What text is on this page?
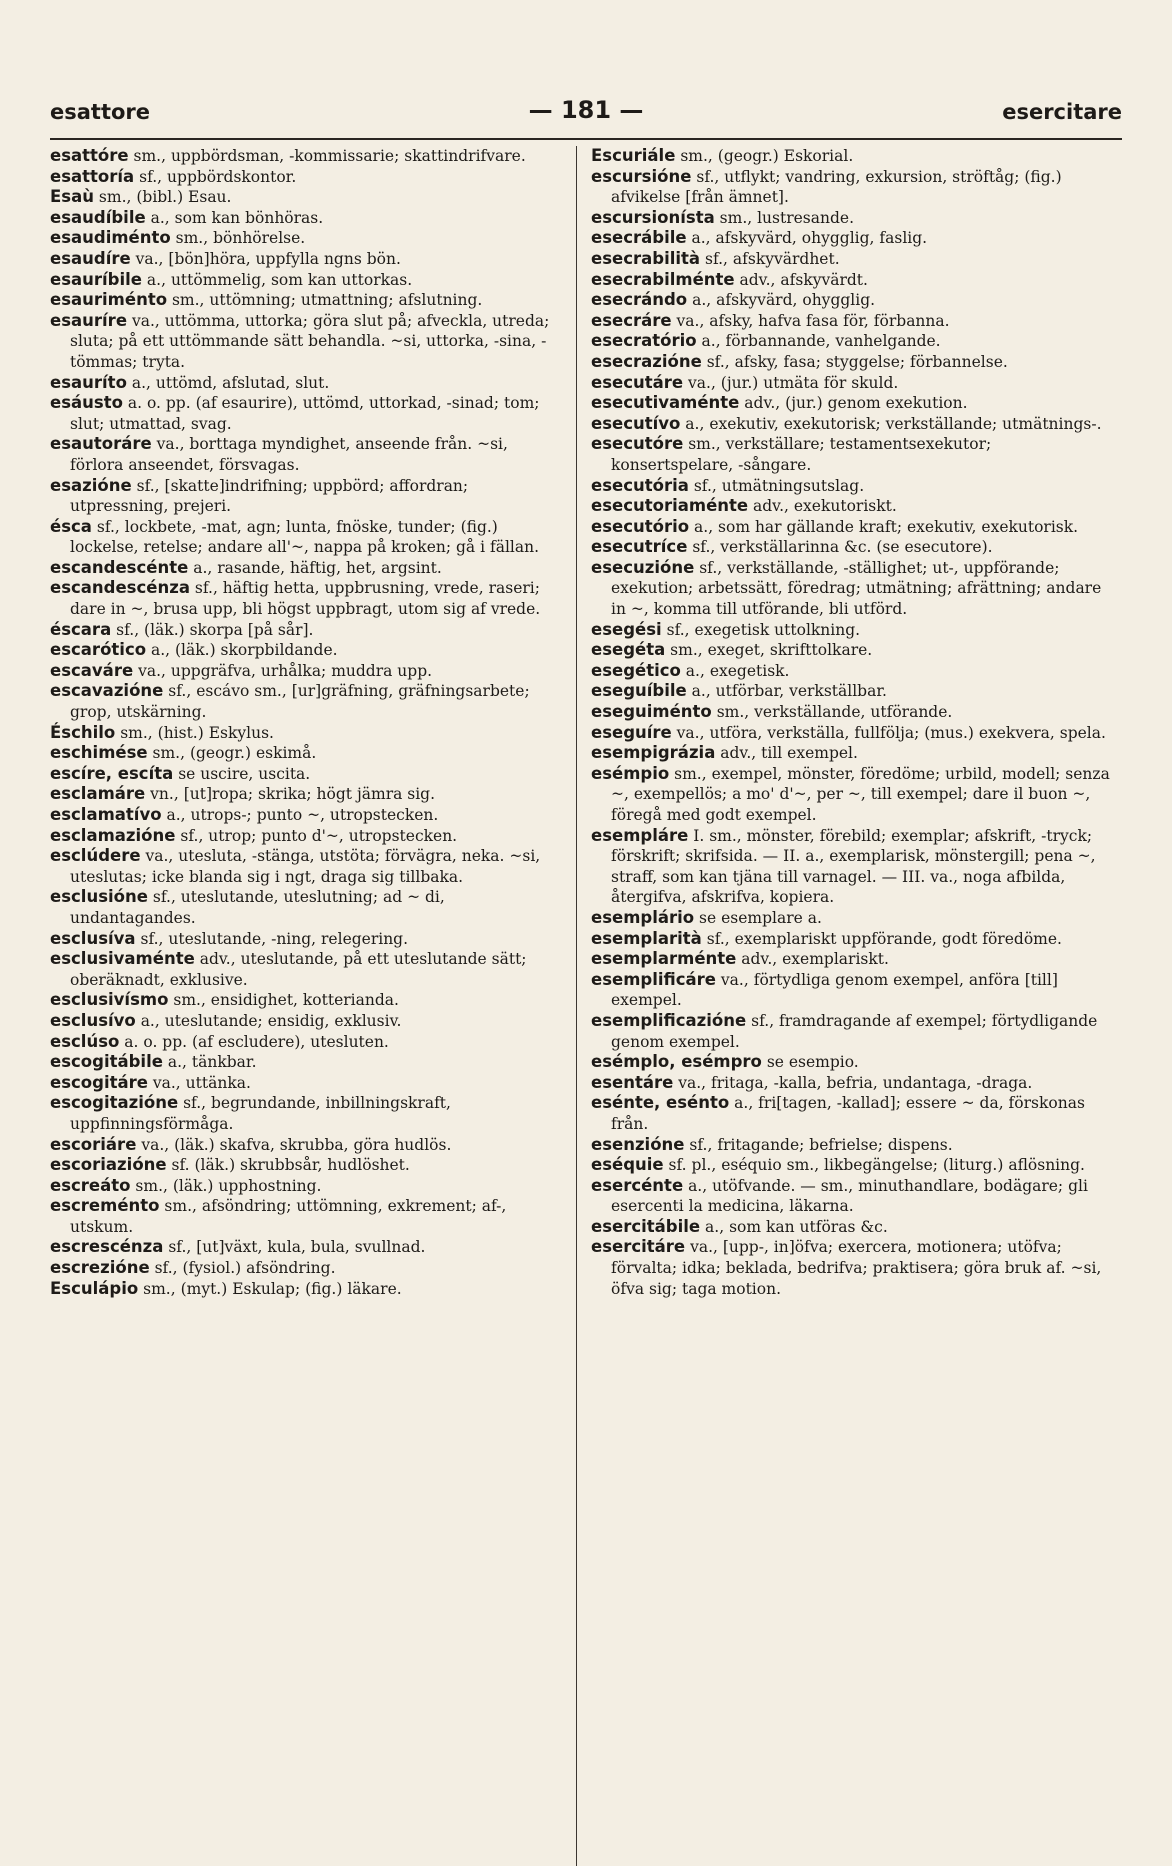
esattore	— 181 —	esercitare

esattóre sm., uppbördsman, -kommissarie; skattindrifvare.

esattoría sf., uppbördskontor.

Esaù sm., (bibl.) Esau.

esaudíbile a., som kan bönhöras.

esaudiménto sm., bönhörelse.

esaudíre va., [bön]höra, uppfylla ngns bön.

esauríbile a., uttömmelig, som kan uttorkas.

esauriménto sm., uttömning; utmattning; afslutning.

esauríre va., uttömma, uttorka; göra slut på; afveckla, utreda; sluta; på ett uttömmande sätt behandla. ~si, uttorka, -sina, -tömmas; tryta.

esauríto a., uttömd, afslutad, slut.

esáusto a. o. pp. (af esaurire), uttömd, uttorkad, -sinad; tom; slut; utmattad, svag.

esautoráre va., borttaga myndighet, anseende från. ~si, förlora anseendet, försvagas.

esazióne sf., [skatte]indrifning; uppbörd; affordran; utpressning, prejeri.

ésca sf., lockbete, -mat, agn; lunta, fnöske, tunder; (fig.) lockelse, retelse; andare all'~, nappa på kroken; gå i fällan.

escandescénte a., rasande, häftig, het, argsint.

escandescénza sf., häftig hetta, uppbrusning, vrede, raseri; dare in ~, brusa upp, bli högst uppbragt, utom sig af vrede.

éscara sf., (läk.) skorpa [på sår].

escarótico a., (läk.) skorpbildande.

escaváre va., uppgräfva, urhålka; muddra upp.

escavazióne sf., escávo sm., [ur]gräfning, gräfningsarbete; grop, utskärning.

Éschilo sm., (hist.) Eskylus.

eschimése sm., (geogr.) eskimå.

escíre, escíta se uscire, uscita.

esclamáre vn., [ut]ropa; skrika; högt jämra sig.

esclamatívo a., utrops-; punto ~, utropstecken.

esclamazióne sf., utrop; punto d'~, utropstecken.

esclúdere va., utesluta, -stänga, utstöta; förvägra, neka. ~si, uteslutas; icke blanda sig i ngt, draga sig tillbaka.

esclusióne sf., uteslutande, uteslutning; ad ~ di, undantagandes.

esclusíva sf., uteslutande, -ning, relegering.

esclusivaménte adv., uteslutande, på ett uteslutande sätt; oberäknadt, exklusive.

esclusivísmo sm., ensidighet, kotterianda.

esclusívo a., uteslutande; ensidig, exklusiv.

esclúso a. o. pp. (af escludere), utesluten.

escogitábile a., tänkbar.

escogitáre va., uttänka.

escogitazióne sf., begrundande, inbillningskraft, uppfinningsförmåga.

escoriáre va., (läk.) skafva, skrubba, göra hudlös.

escoriazióne sf. (läk.) skrubbsår, hudlöshet.

escreáto sm., (läk.) upphostning.

escreménto sm., afsöndring; uttömning, exkrement; af-, utskum.

escrescénza sf., [ut]växt, kula, bula, svullnad.

escrezióne sf., (fysiol.) afsöndring.

Esculápio sm., (myt.) Eskulap; (fig.) läkare.

Escuriále sm., (geogr.) Eskorial.

escursióne sf., utflykt; vandring, exkursion, ströftåg; (fig.) afvikelse [från ämnet].

escursionísta sm., lustresande.

esecrábile a., afskyvärd, ohygglig, faslig.

esecrabilità sf., afskyvärdhet.

esecrabilménte adv., afskyvärdt.

esecrándo a., afskyvärd, ohygglig.

esecráre va., afsky, hafva fasa för, förbanna.

esecratório a., förbannande, vanhelgande.

esecrazióne sf., afsky, fasa; styggelse; förbannelse.

esecutáre va., (jur.) utmäta för skuld.

esecutivaménte adv., (jur.) genom exekution.

esecutívo a., exekutiv, exekutorisk; verkställande; utmätnings-.

esecutóre sm., verkställare; testamentsexekutor; konsertspelare, -sångare.

esecutória sf., utmätningsutslag.

esecutoriaménte adv., exekutoriskt.

esecutório a., som har gällande kraft; exekutiv, exekutorisk.

esecutríce sf., verkställarinna &c. (se esecutore).

esecuzióne sf., verkställande, -ställighet; ut-, uppförande; exekution; arbetssätt, föredrag; utmätning; afrättning; andare in ~, komma till utförande, bli utförd.

esegési sf., exegetisk uttolkning.

esegéta sm., exeget, skrifttolkare.

esegético a., exegetisk.

eseguíbile a., utförbar, verkställbar.

eseguiménto sm., verkställande, utförande.

eseguíre va., utföra, verkställa, fullfölja; (mus.) exekvera, spela.

esempigrázia adv., till exempel.

esémpio sm., exempel, mönster, föredöme; urbild, modell; senza ~, exempellös; a mo' d'~, per ~, till exempel; dare il buon ~, föregå med godt exempel.

esempláre I. sm., mönster, förebild; exemplar; afskrift, -tryck; förskrift; skrifsida. — II. a., exemplarisk, mönstergill; pena ~, straff, som kan tjäna till varnagel. — III. va., noga afbilda, återgifva, afskrifva, kopiera.

esemplário se esemplare a.

esemplarità sf., exemplariskt uppförande, godt föredöme.

esemplarménte adv., exemplariskt.

esemplificáre va., förtydliga genom exempel, anföra [till] exempel.

esemplificazióne sf., framdragande af exempel; förtydligande genom exempel.

esémplo, esémpro se esempio.

esentáre va., fritaga, -kalla, befria, undantaga, -draga.

esénte, esénto a., fri[tagen, -kallad]; essere ~ da, förskonas från.

esenzióne sf., fritagande; befrielse; dispens.

eséquie sf. pl., eséquio sm., likbegängelse; (liturg.) aflösning.

esercénte a., utöfvande. — sm., minuthandlare, bodägare; gli esercenti la medicina, läkarna.

esercitábile a., som kan utföras &c.

esercitáre va., [upp-, in]öfva; exercera, motionera; utöfva; förvalta; idka; beklada, bedrifva; praktisera; göra bruk af. ~si, öfva sig; taga motion.
